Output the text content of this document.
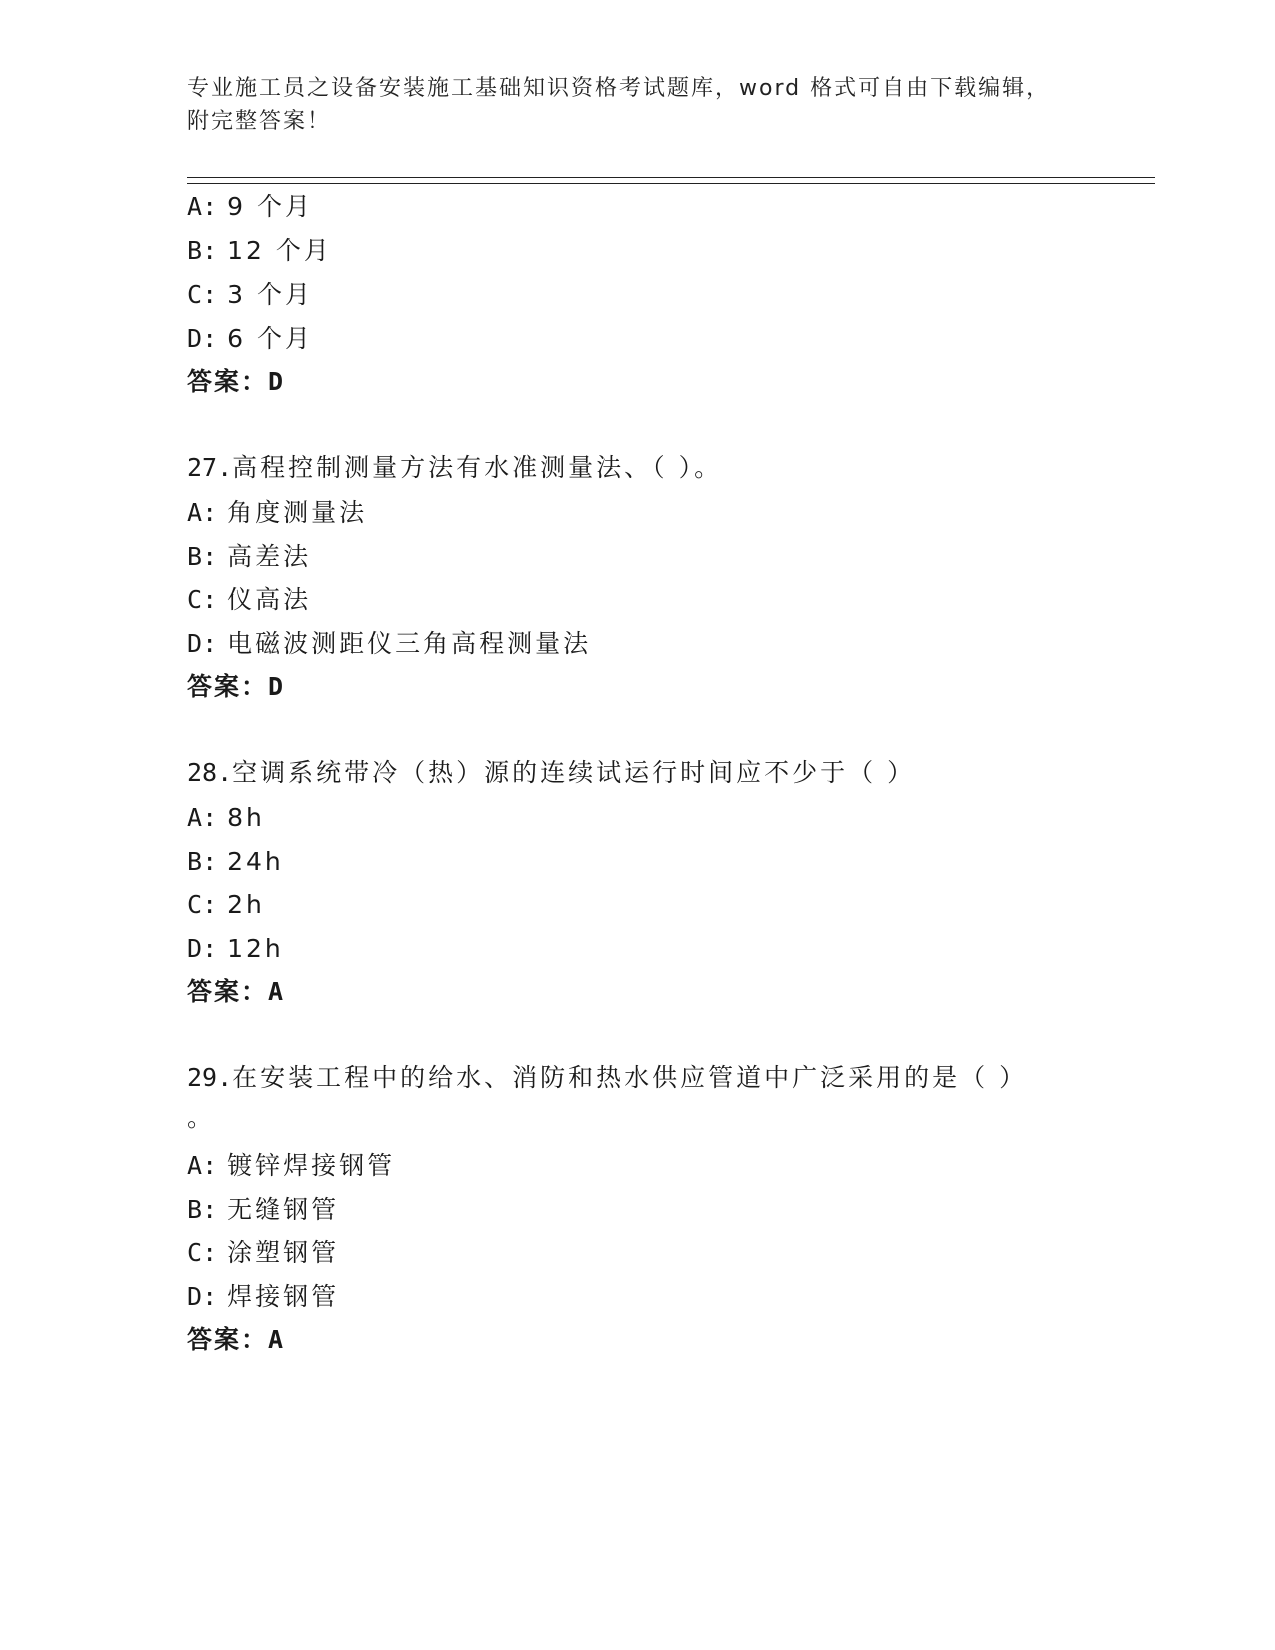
专业施工员之设备安装施工基础知识资格考试题库，word 格式可自由下载编辑，
附完整答案！
A: 9 个月
B: 12 个月
C: 3 个月
D: 6 个月
答案：D
27.高程控制测量方法有水准测量法、（ ）。
A: 角度测量法
B: 高差法
C: 仪高法
D: 电磁波测距仪三角高程测量法
答案：D
28.空调系统带冷（热）源的连续试运行时间应不少于（ ）
A: 8h
B: 24h
C: 2h
D: 12h
答案：A
29.在安装工程中的给水、消防和热水供应管道中广泛采用的是（ ）
。
A: 镀锌焊接钢管
B: 无缝钢管
C: 涂塑钢管
D: 焊接钢管
答案：A
